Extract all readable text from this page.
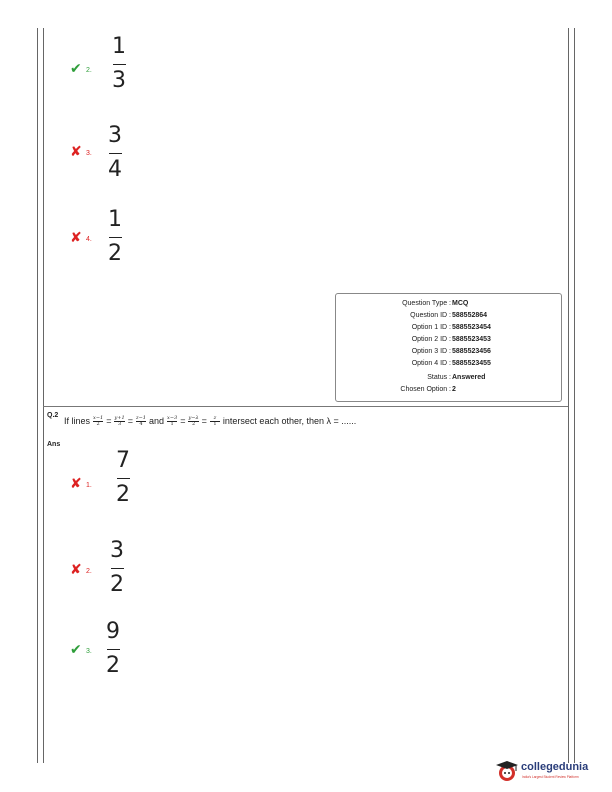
✔ 2.
1
3
✘ 3.
3
4
✘ 4.
1
2
Question Type : MCQ
Question ID : 588552864
Option 1 ID : 5885523454
Option 2 ID : 5885523453
Option 3 ID : 5885523456
Option 4 ID : 5885523455
Status : Answered
Chosen Option : 2
Q.2
If lines x−1
2 = y+1
3 = z−1
4 and x−3
1 = y−λ
2 = z
1 intersect each other, then λ = ......
Ans
✘ 1.
7
2
✘ 2.
3
2
✔ 3.
9
2
collegedunia
India's Largest Student Review Platform
